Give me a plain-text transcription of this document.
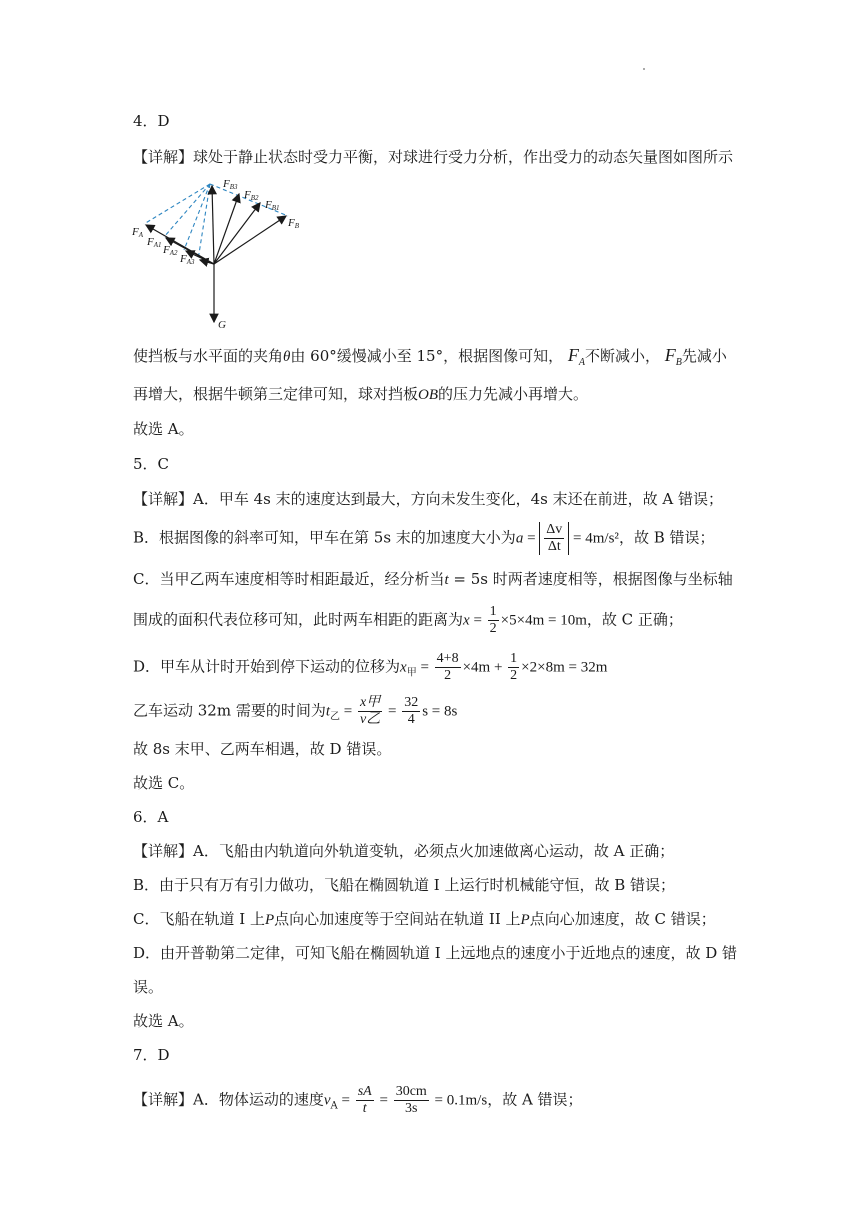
4．D
【详解】球处于静止状态时受力平衡，对球进行受力分析，作出受力的动态矢量图如图所示
FA
FA1 FA2 FA3
FB3
FB2
FB1
FB
G
使挡板与水平面的夹角θ由 60°缓慢减小至 15°，根据图像可知， $F_A$不断减小， $F_B$先减小
再增大，根据牛顿第三定律可知，球对挡板OB的压力先减小再增大。
故选 A。
5．C
【详解】A．甲车 4s 末的速度达到最大，方向未发生变化，4s 末还在前进，故 A 错误；
B．根据图像的斜率可知，甲车在第 5s 末的加速度大小为$a = \frac{\Delta v}{\Delta t} = 4m/s^2$，故 B 错误；
C．当甲乙两车速度相等时相距最近，经分析当t = 5s 时两者速度相等，根据图像与坐标轴
围成的面积代表位移可知，此时两车相距的距离为$x = \frac{1}{2} \times 5\times 4m = 10m$，故 C 正确；
D．甲车从计时开始到停下运动的位移为$x_甲 = \frac{4+8}{2} \times 4m + \frac{1}{2} \times 2\times 8m = 32m$
乙车运动 32m 需要的时间为$t_乙 = \frac{\text{x甲}}{\text{v乙}} = \frac{32}{4}$ s = 8s
故 8s 末甲、乙两车相遇，故 D 错误。
故选 C。
6．A
【详解】A．飞船由内轨道向外轨道变轨，必须点火加速做离心运动，故 A 正确；
B．由于只有万有引力做功，飞船在椭圆轨道 I 上运行时机械能守恒，故 B 错误；
C．飞船在轨道 I 上P点向心加速度等于空间站在轨道 II 上P点向心加速度，故 C 错误；
D．由开普勒第二定律，可知飞船在椭圆轨道 I 上远地点的速度小于近地点的速度，故 D 错
误。
故选 A。
7．D
【详解】A．物体运动的速度$v_A = \frac{sA}{t} = \frac{30cm}{3s} = 0.1m/s$，故 A 错误；
